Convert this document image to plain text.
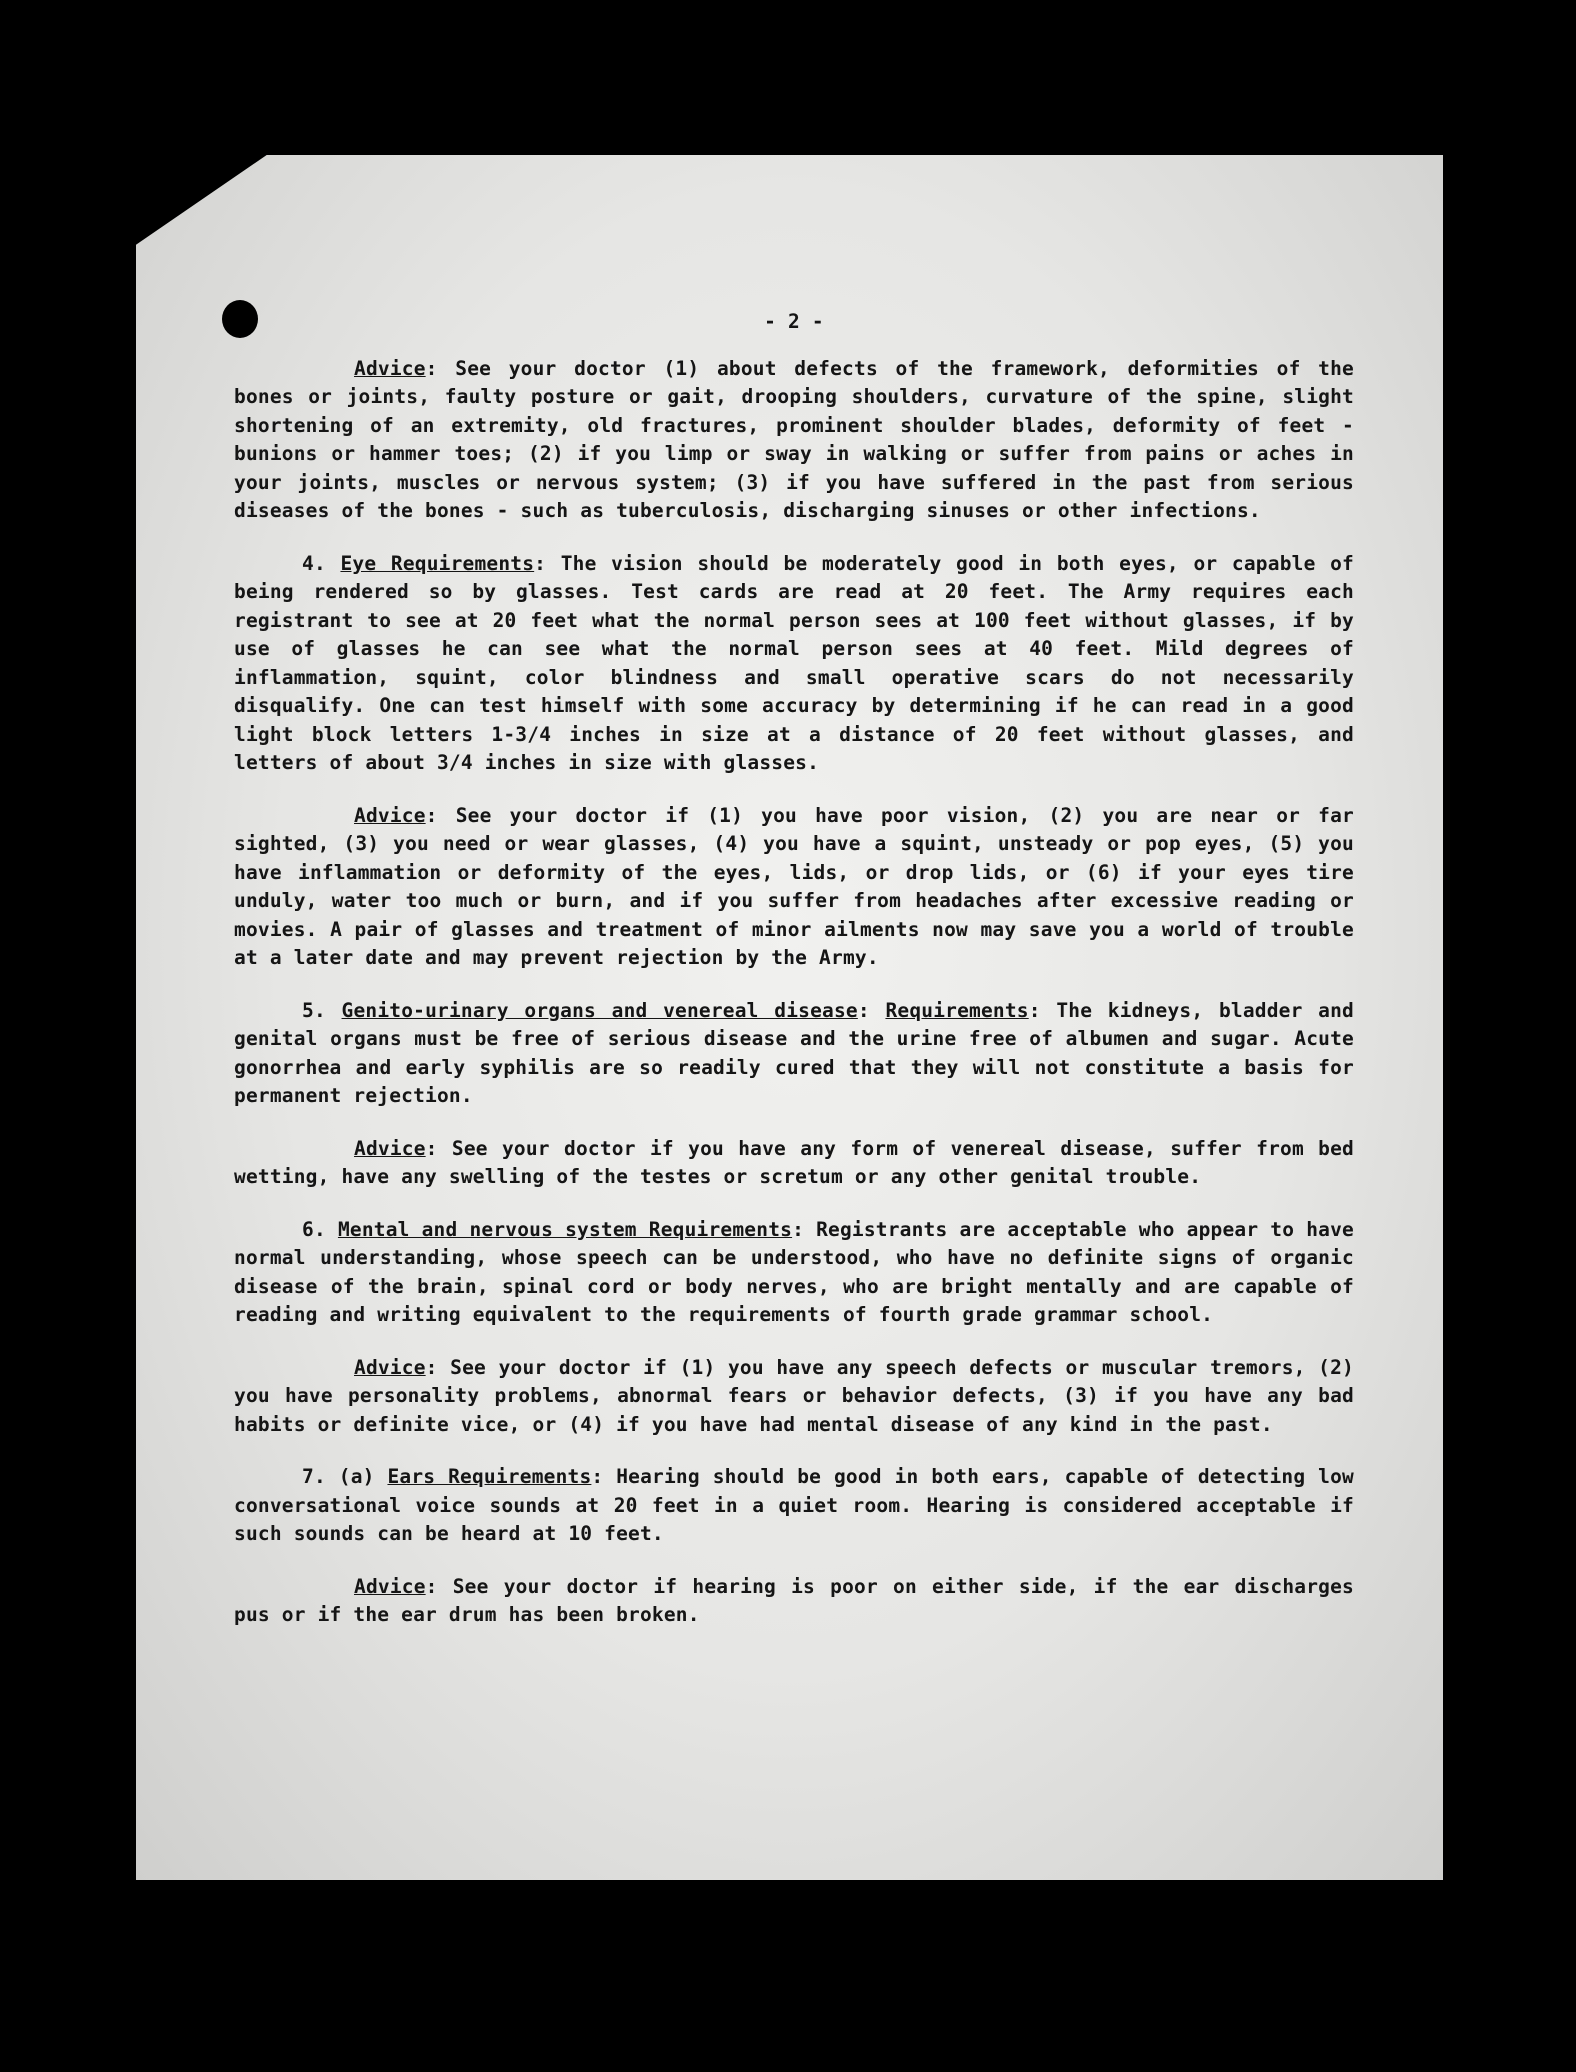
- 2 -

Advice: See your doctor (1) about defects of the framework, deformities of the bones or joints, faulty posture or gait, drooping shoulders, curvature of the spine, slight shortening of an extremity, old fractures, prominent shoulder blades, deformity of feet - bunions or hammer toes; (2) if you limp or sway in walking or suffer from pains or aches in your joints, muscles or nervous system; (3) if you have suffered in the past from serious diseases of the bones - such as tuberculosis, discharging sinuses or other infections.

4. Eye Requirements: The vision should be moderately good in both eyes, or capable of being rendered so by glasses. Test cards are read at 20 feet. The Army requires each registrant to see at 20 feet what the normal person sees at 100 feet without glasses, if by use of glasses he can see what the normal person sees at 40 feet. Mild degrees of inflammation, squint, color blindness and small operative scars do not necessarily disqualify. One can test himself with some accuracy by determining if he can read in a good light block letters 1-3/4 inches in size at a distance of 20 feet without glasses, and letters of about 3/4 inches in size with glasses.

Advice: See your doctor if (1) you have poor vision, (2) you are near or far sighted, (3) you need or wear glasses, (4) you have a squint, unsteady or pop eyes, (5) you have inflammation or deformity of the eyes, lids, or drop lids, or (6) if your eyes tire unduly, water too much or burn, and if you suffer from headaches after excessive reading or movies. A pair of glasses and treatment of minor ailments now may save you a world of trouble at a later date and may prevent rejection by the Army.

5. Genito-urinary organs and venereal disease: Requirements: The kidneys, bladder and genital organs must be free of serious disease and the urine free of albumen and sugar. Acute gonorrhea and early syphilis are so readily cured that they will not constitute a basis for permanent rejection.

Advice: See your doctor if you have any form of venereal disease, suffer from bed wetting, have any swelling of the testes or scretum or any other genital trouble.

6. Mental and nervous system Requirements: Registrants are acceptable who appear to have normal understanding, whose speech can be understood, who have no definite signs of organic disease of the brain, spinal cord or body nerves, who are bright mentally and are capable of reading and writing equivalent to the requirements of fourth grade grammar school.

Advice: See your doctor if (1) you have any speech defects or muscular tremors, (2) you have personality problems, abnormal fears or behavior defects, (3) if you have any bad habits or definite vice, or (4) if you have had mental disease of any kind in the past.

7. (a) Ears Requirements: Hearing should be good in both ears, capable of detecting low conversational voice sounds at 20 feet in a quiet room. Hearing is considered acceptable if such sounds can be heard at 10 feet.

Advice: See your doctor if hearing is poor on either side, if the ear discharges pus or if the ear drum has been broken.
